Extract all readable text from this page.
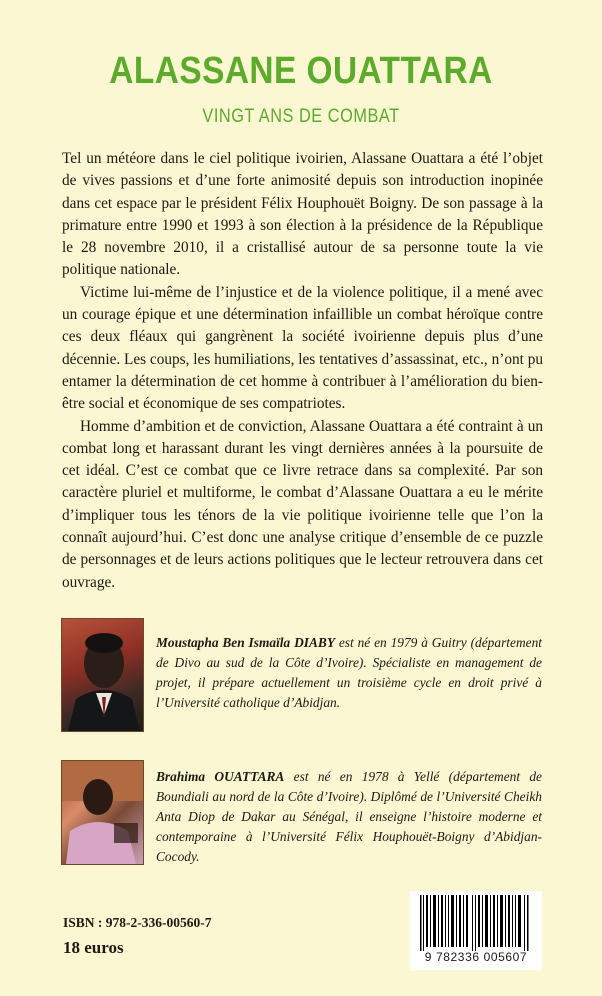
ALASSANE OUATTARA
VINGT ANS DE COMBAT

Tel un météore dans le ciel politique ivoirien, Alassane Ouattara a été l’objet de vives passions et d’une forte animosité depuis son introduction inopinée dans cet espace par le président Félix Houphouët Boigny. De son passage à la primature entre 1990 et 1993 à son élection à la présidence de la République le 28 novembre 2010, il a cristallisé autour de sa personne toute la vie politique nationale.

Victime lui-même de l’injustice et de la violence politique, il a mené avec un courage épique et une détermination infaillible un combat héroïque contre ces deux fléaux qui gangrènent la société ivoirienne depuis plus d’une décennie. Les coups, les humiliations, les tentatives d’assassinat, etc., n’ont pu entamer la détermination de cet homme à contribuer à l’amélioration du bien-être social et économique de ses compatriotes.

Homme d’ambition et de conviction, Alassane Ouattara a été contraint à un combat long et harassant durant les vingt dernières années à la poursuite de cet idéal. C’est ce combat que ce livre retrace dans sa complexité. Par son caractère pluriel et multiforme, le combat d’Alassane Ouattara a eu le mérite d’impliquer tous les ténors de la vie politique ivoirienne telle que l’on la connaît aujourd’hui. C’est donc une analyse critique d’ensemble de ce puzzle de personnages et de leurs actions politiques que le lecteur retrouvera dans cet ouvrage.

Moustapha Ben Ismaïla DIABY est né en 1979 à Guitry (département de Divo au sud de la Côte d’Ivoire). Spécialiste en management de projet, il prépare actuellement un troisième cycle en droit privé à l’Université catholique d’Abidjan.
Brahima OUATTARA est né en 1978 à Yellé (département de Boundiali au nord de la Côte d’Ivoire). Diplômé de l’Université Cheikh Anta Diop de Dakar au Sénégal, il enseigne l’histoire moderne et contemporaine à l’Université Félix Houphouët-Boigny d’Abidjan-Cocody.
ISBN : 978-2-336-00560-7
18 euros	9 782336 005607
